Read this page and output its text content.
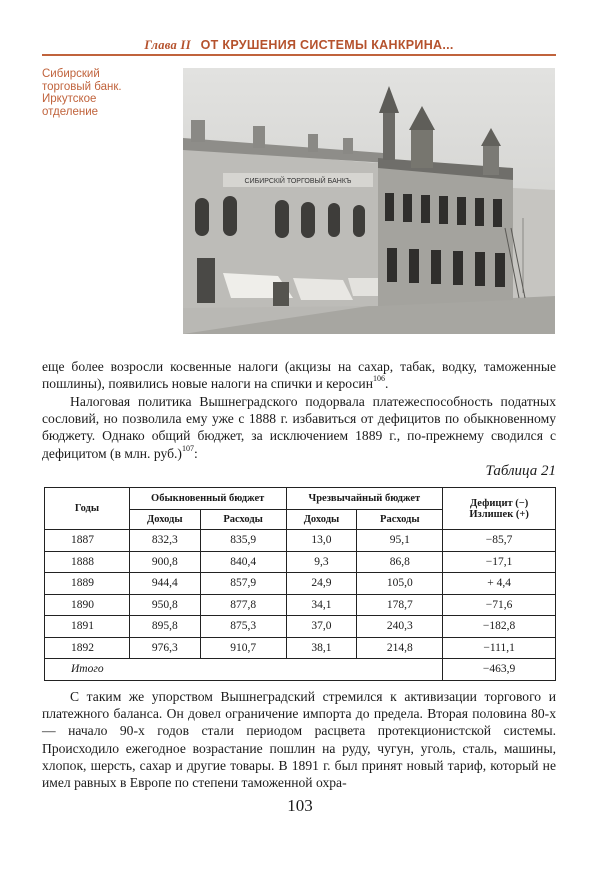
Глава II ОТ КРУШЕНИЯ СИСТЕМЫ КАНКРИНА...
Сибирский
торговый банк.
Иркутское
отделение
СИБИРСКІЙ ТОРГОВЫЙ БАНКЪ

еще более возросли косвенные налоги (акцизы на сахар, табак, водку, таможенные пошлины), появились новые налоги на спички и керосин$^{106}$.

Налоговая политика Вышнеградского подорвала платежеспособность податных сословий, но позволила ему уже с 1888 г. избавиться от дефицитов по обыкновенному бюджету. Однако общий бюджет, за исключением 1889 г., по-прежнему сводился с дефицитом (в млн. руб.)$^{107}$:

Таблица 21
Годы	Обыкновенный бюджет		Чрезвычайный бюджет		Дефицит (−)
Излишек (+)

	Доходы	Расходы	Доходы	Расходы	
1887	832,3	835,9	13,0	95,1	−85,7
1888	900,8	840,4	9,3	86,8	−17,1
1889	944,4	857,9	24,9	105,0	+ 4,4
1890	950,8	877,8	34,1	178,7	−71,6
1891	895,8	875,3	37,0	240,3	−182,8
1892	976,3	910,7	38,1	214,8	−111,1
Итого					−463,9

С таким же упорством Вышнеградский стремился к активизации торгового и платежного баланса. Он довел ограничение импорта до предела. Вторая половина 80-х — начало 90-х годов стали периодом расцвета протекционистской системы. Происходило ежегодное возрастание пошлин на руду, чугун, уголь, сталь, машины, хлопок, шерсть, сахар и другие товары. В 1891 г. был принят новый тариф, который не имел равных в Европе по степени таможенной охра-

103
